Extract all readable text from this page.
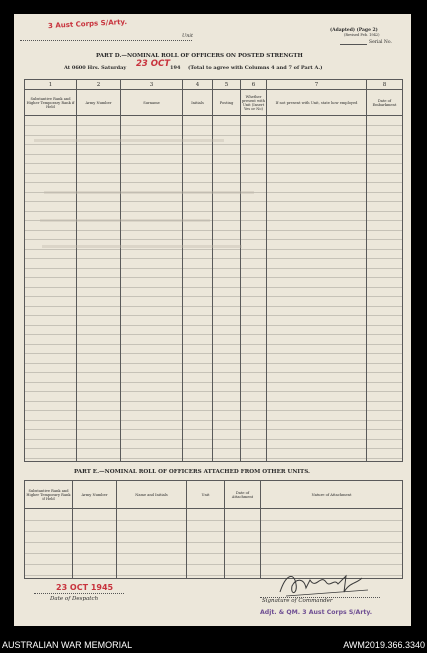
3 Aust Corps S/Arty.
Unit
(Adapted) (Page 2)
(Revised Feb. 1942)
Serial No.
PART D.—NOMINAL ROLL OF OFFICERS ON POSTED STRENGTH
At 0600 Hrs. Saturday 23 OCT 194 (Total to agree with Columns 4 and 7 of Part A.)
1	2	3	4	5	6	7	8
Substantive Rank and Higher Temporary Rank if Held	Army Number	Surname	Initials	Posting	Whether present with Unit (Insert Yes or No)	If not present with Unit, state how employed	Date of Embarkment

PART E.—NOMINAL ROLL OF OFFICERS ATTACHED FROM OTHER UNITS.
Substantive Rank and Higher Temporary Rank if Held	Army Number	Name and Initials	Unit	Date of Attachment	Nature of Attachment

23 OCT 1945
Date of Despatch	Signature of Commander
Adjt. & QM. 3 Aust Corps S/Arty.
AUSTRALIAN WAR MEMORIAL	AWM2019.366.3340
